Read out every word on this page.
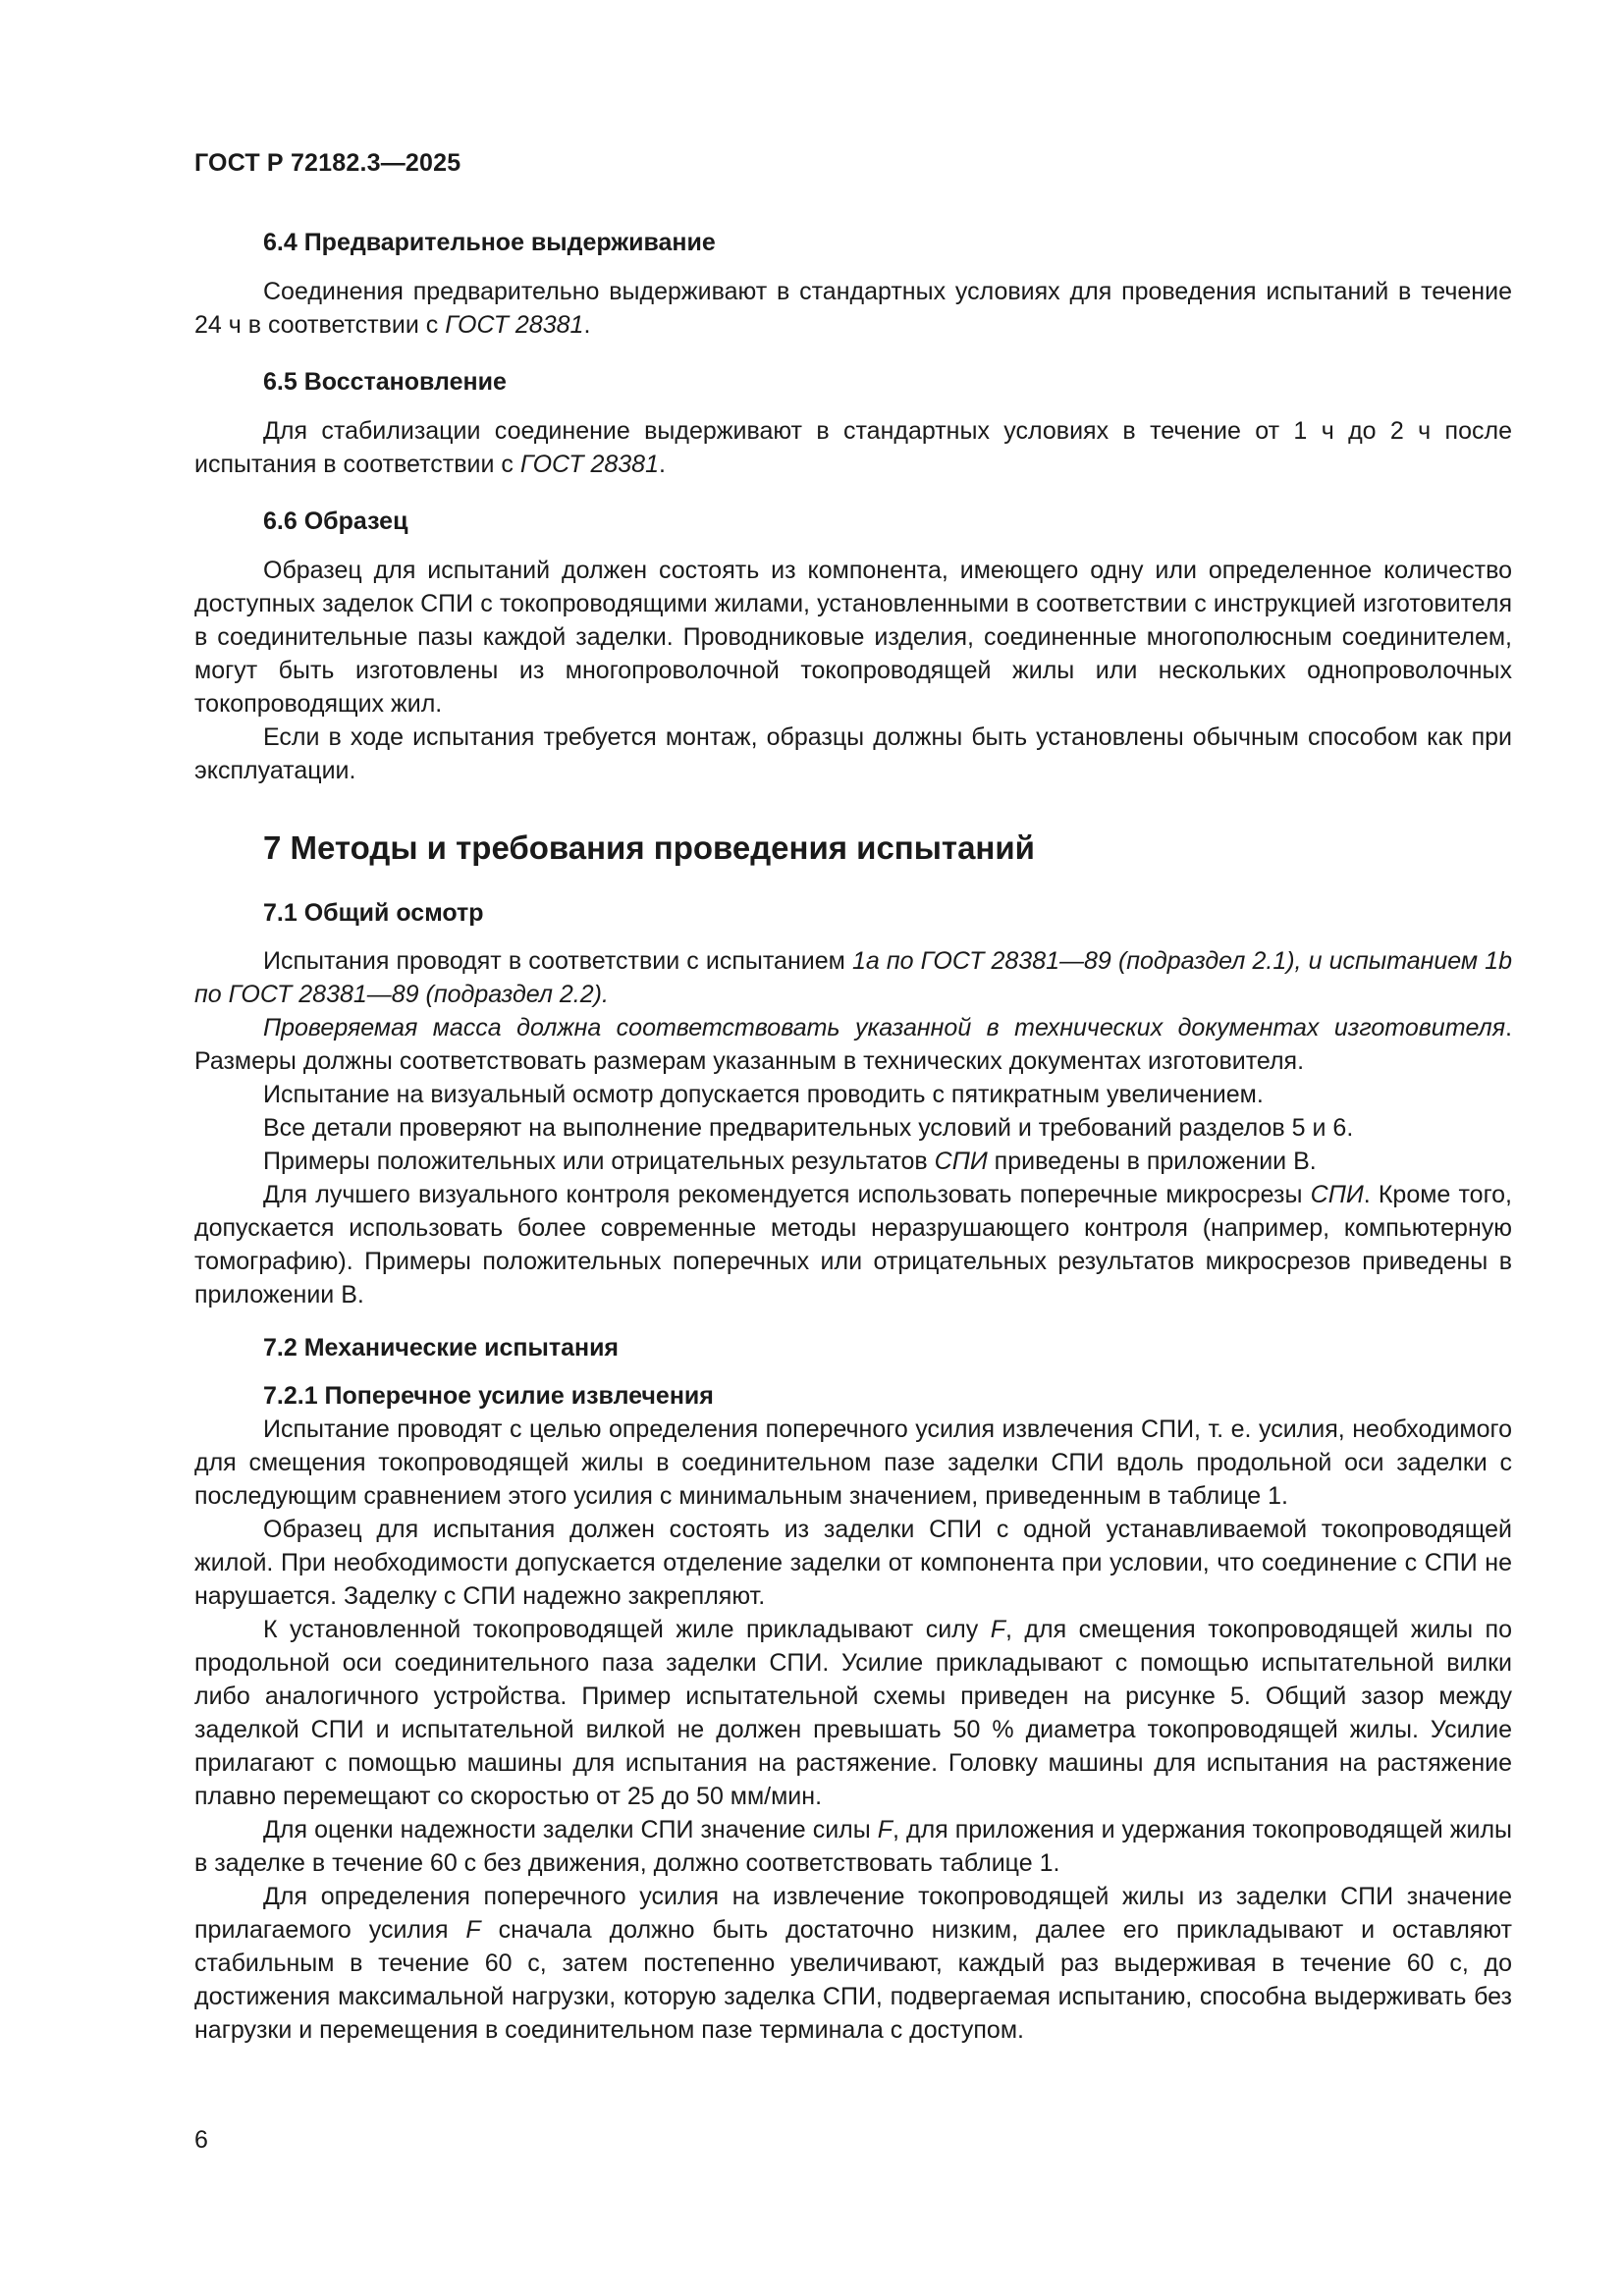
ГОСТ Р 72182.3—2025
6.4 Предварительное выдерживание

Соединения предварительно выдерживают в стандартных условиях для проведения испытаний в течение 24 ч в соответствии с ГОСТ 28381.

6.5 Восстановление

Для стабилизации соединение выдерживают в стандартных условиях в течение от 1 ч до 2 ч после испытания в соответствии с ГОСТ 28381.

6.6 Образец

Образец для испытаний должен состоять из компонента, имеющего одну или определенное количество доступных заделок СПИ с токопроводящими жилами, установленными в соответствии с инструкцией изготовителя в соединительные пазы каждой заделки. Проводниковые изделия, соединенные многополюсным соединителем, могут быть изготовлены из многопроволочной токопроводящей жилы или нескольких однопроволочных токопроводящих жил.

Если в ходе испытания требуется монтаж, образцы должны быть установлены обычным способом как при эксплуатации.

7 Методы и требования проведения испытаний
7.1 Общий осмотр

Испытания проводят в соответствии с испытанием 1а по ГОСТ 28381—89 (подраздел 2.1), и испытанием 1b по ГОСТ 28381—89 (подраздел 2.2).

Проверяемая масса должна соответствовать указанной в технических документах изготовителя. Размеры должны соответствовать размерам указанным в технических документах изготовителя.

Испытание на визуальный осмотр допускается проводить с пятикратным увеличением.

Все детали проверяют на выполнение предварительных условий и требований разделов 5 и 6.

Примеры положительных или отрицательных результатов СПИ приведены в приложении В.

Для лучшего визуального контроля рекомендуется использовать поперечные микросрезы СПИ. Кроме того, допускается использовать более современные методы неразрушающего контроля (например, компьютерную томографию). Примеры положительных поперечных или отрицательных результатов микросрезов приведены в приложении В.

7.2 Механические испытания
7.2.1 Поперечное усилие извлечения

Испытание проводят с целью определения поперечного усилия извлечения СПИ, т. е. усилия, необходимого для смещения токопроводящей жилы в соединительном пазе заделки СПИ вдоль продольной оси заделки с последующим сравнением этого усилия с минимальным значением, приведенным в таблице 1.

Образец для испытания должен состоять из заделки СПИ с одной устанавливаемой токопроводящей жилой. При необходимости допускается отделение заделки от компонента при условии, что соединение с СПИ не нарушается. Заделку с СПИ надежно закрепляют.

К установленной токопроводящей жиле прикладывают силу F, для смещения токопроводящей жилы по продольной оси соединительного паза заделки СПИ. Усилие прикладывают с помощью испытательной вилки либо аналогичного устройства. Пример испытательной схемы приведен на рисунке 5. Общий зазор между заделкой СПИ и испытательной вилкой не должен превышать 50 % диаметра токопроводящей жилы. Усилие прилагают с помощью машины для испытания на растяжение. Головку машины для испытания на растяжение плавно перемещают со скоростью от 25 до 50 мм/мин.

Для оценки надежности заделки СПИ значение силы F, для приложения и удержания токопроводящей жилы в заделке в течение 60 с без движения, должно соответствовать таблице 1.

Для определения поперечного усилия на извлечение токопроводящей жилы из заделки СПИ значение прилагаемого усилия F сначала должно быть достаточно низким, далее его прикладывают и оставляют стабильным в течение 60 с, затем постепенно увеличивают, каждый раз выдерживая в течение 60 с, до достижения максимальной нагрузки, которую заделка СПИ, подвергаемая испытанию, способна выдерживать без нагрузки и перемещения в соединительном пазе терминала с доступом.

6
